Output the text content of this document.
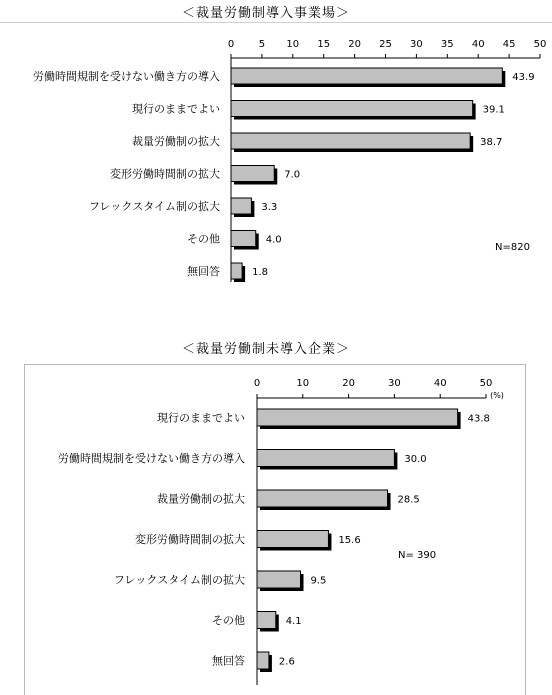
＜裁量労働制導入事業場＞
＜裁量労働制未導入企業＞
0 5 10 15 20 25 30 35 40 45 50
労働時間規制を受けない働き方の導入	43.9
現行のままでよい	39.1
裁量労働制の拡大	38.7
変形労働時間制の拡大	7.0
フレックスタイム制の拡大	3.3
その他	4.0
無回答	1.8
N=820
0	10	20	30	40	50
(%)
現行のままでよい	43.8
労働時間規制を受けない働き方の導入	30.0
裁量労働制の拡大	28.5
変形労働時間制の拡大	15.6
フレックスタイム制の拡大	9.5
その他	4.1
無回答	2.6
N= 390
